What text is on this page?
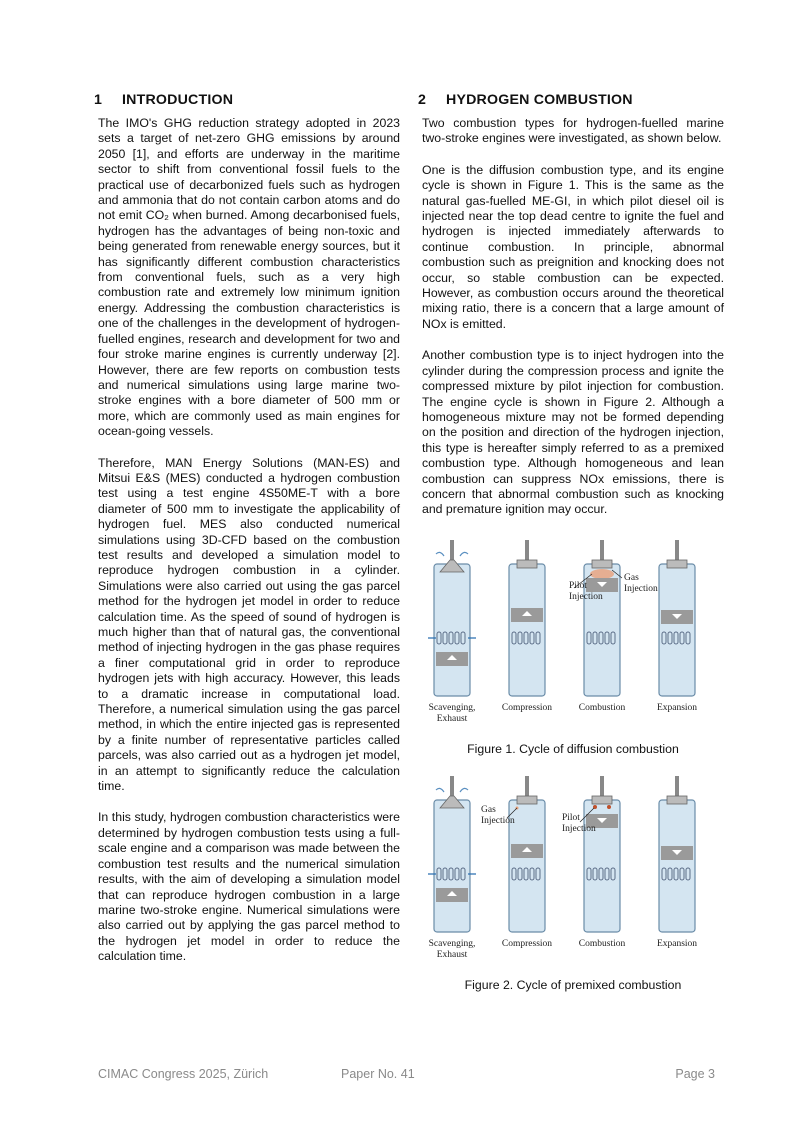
1	INTRODUCTION

The IMO's GHG reduction strategy adopted in 2023 sets a target of net-zero GHG emissions by around 2050 [1], and efforts are underway in the maritime sector to shift from conventional fossil fuels to the practical use of decarbonized fuels such as hydrogen and ammonia that do not contain carbon atoms and do not emit CO₂ when burned. Among decarbonised fuels, hydrogen has the advantages of being non-toxic and being generated from renewable energy sources, but it has significantly different combustion characteristics from conventional fuels, such as a very high combustion rate and extremely low minimum ignition energy. Addressing the combustion characteristics is one of the challenges in the development of hydrogen-fuelled engines, research and development for two and four stroke marine engines is currently underway [2]. However, there are few reports on combustion tests and numerical simulations using large marine two-stroke engines with a bore diameter of 500 mm or more, which are commonly used as main engines for ocean-going vessels.

Therefore, MAN Energy Solutions (MAN-ES) and Mitsui E&S (MES) conducted a hydrogen combustion test using a test engine 4S50ME-T with a bore diameter of 500 mm to investigate the applicability of hydrogen fuel. MES also conducted numerical simulations using 3D-CFD based on the combustion test results and developed a simulation model to reproduce hydrogen combustion in a cylinder. Simulations were also carried out using the gas parcel method for the hydrogen jet model in order to reduce calculation time. As the speed of sound of hydrogen is much higher than that of natural gas, the conventional method of injecting hydrogen in the gas phase requires a finer computational grid in order to reproduce hydrogen jets with high accuracy. However, this leads to a dramatic increase in computational load. Therefore, a numerical simulation using the gas parcel method, in which the entire injected gas is represented by a finite number of representative particles called parcels, was also carried out as a hydrogen jet model, in an attempt to significantly reduce the calculation time.

In this study, hydrogen combustion characteristics were determined by hydrogen combustion tests using a full-scale engine and a comparison was made between the combustion test results and the numerical simulation results, with the aim of developing a simulation model that can reproduce hydrogen combustion in a large marine two-stroke engine. Numerical simulations were also carried out by applying the gas parcel method to the hydrogen jet model in order to reduce the calculation time.

2	HYDROGEN COMBUSTION

Two combustion types for hydrogen-fuelled marine two-stroke engines were investigated, as shown below.

One is the diffusion combustion type, and its engine cycle is shown in Figure 1. This is the same as the natural gas-fuelled ME-GI, in which pilot diesel oil is injected near the top dead centre to ignite the fuel and hydrogen is injected immediately afterwards to continue combustion. In principle, abnormal combustion such as preignition and knocking does not occur, so stable combustion can be expected. However, as combustion occurs around the theoretical mixing ratio, there is a concern that a large amount of NOx is emitted.

Another combustion type is to inject hydrogen into the cylinder during the compression process and ignite the compressed mixture by pilot injection for combustion. The engine cycle is shown in Figure 2. Although a homogeneous mixture may not be formed depending on the position and direction of the hydrogen injection, this type is hereafter simply referred to as a premixed combustion type. Although homogeneous and lean combustion can suppress NOx emissions, there is concern that abnormal combustion such as knocking and premature ignition may occur.

Pilot
Injection
Gas
Injection
Scavenging,
Exhaust
Compression	Combustion	Expansion
Figure 1. Cycle of diffusion combustion
Gas
Injection	Pilot
Injection
Scavenging,
Exhaust
Compression	Combustion	Expansion
Figure 2. Cycle of premixed combustion
CIMAC Congress 2025, Zürich	Paper No. 41	Page 3
